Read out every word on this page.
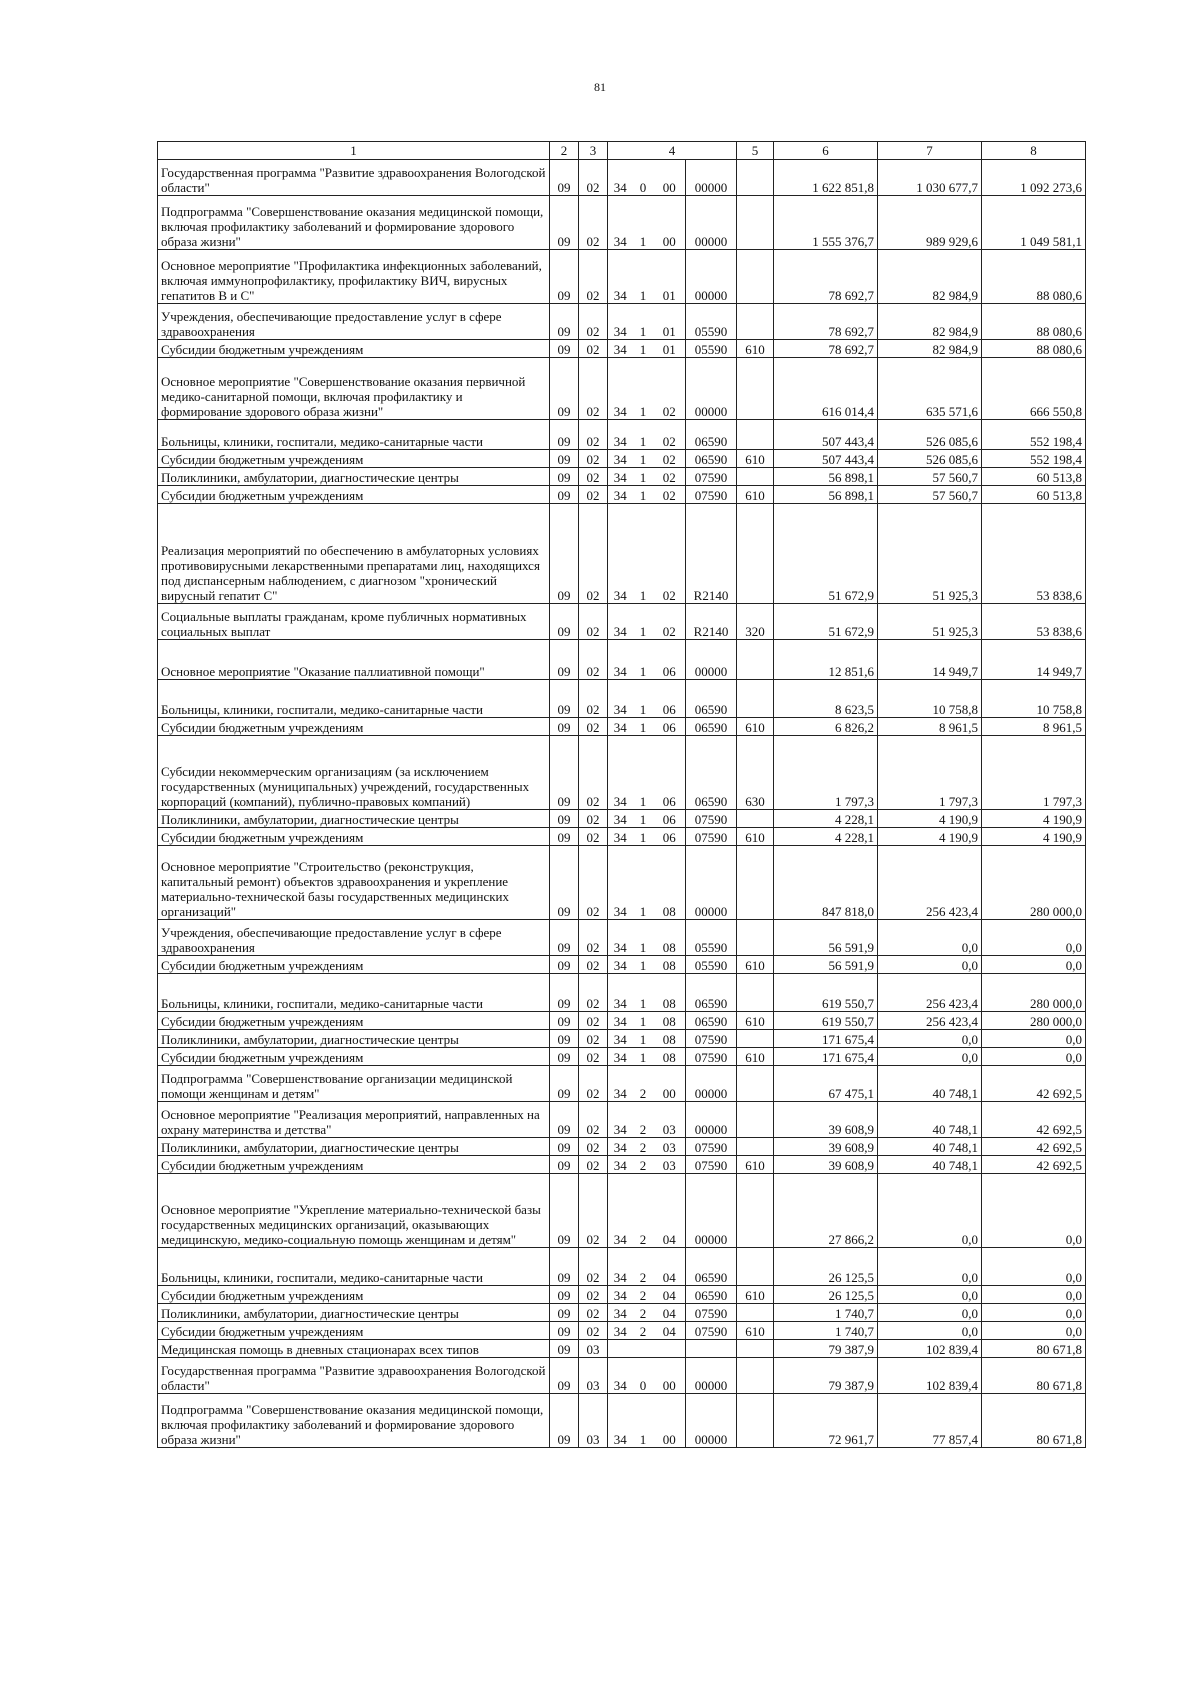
81
1	2	3	4				5	6	7	8
Государственная программа "Развитие здравоохранения Вологодской области"	09	02	34	0	00	00000		1 622 851,8	1 030 677,7	1 092 273,6
Подпрограмма "Совершенствование оказания медицинской помощи, включая профилактику заболеваний и формирование здорового образа жизни"	09	02	34	1	00	00000		1 555 376,7	989 929,6	1 049 581,1
Основное мероприятие "Профилактика инфекционных заболеваний, включая иммунопрофилактику, профилактику ВИЧ, вирусных гепатитов В и С"	09	02	34	1	01	00000		78 692,7	82 984,9	88 080,6
Учреждения, обеспечивающие предоставление услуг в сфере здравоохранения	09	02	34	1	01	05590		78 692,7	82 984,9	88 080,6
Субсидии бюджетным учреждениям	09	02	34	1	01	05590	610	78 692,7	82 984,9	88 080,6
Основное мероприятие "Совершенствование оказания первичной медико-санитарной помощи, включая профилактику и формирование здорового образа жизни"	09	02	34	1	02	00000		616 014,4	635 571,6	666 550,8
Больницы, клиники, госпитали, медико-санитарные части	09	02	34	1	02	06590		507 443,4	526 085,6	552 198,4
Субсидии бюджетным учреждениям	09	02	34	1	02	06590	610	507 443,4	526 085,6	552 198,4
Поликлиники, амбулатории, диагностические центры	09	02	34	1	02	07590		56 898,1	57 560,7	60 513,8
Субсидии бюджетным учреждениям	09	02	34	1	02	07590	610	56 898,1	57 560,7	60 513,8
Реализация мероприятий по обеспечению в амбулаторных условиях противовирусными лекарственными препаратами лиц, находящихся под диспансерным наблюдением, с диагнозом "хронический вирусный гепатит С"	09	02	34	1	02	R2140		51 672,9	51 925,3	53 838,6
Социальные выплаты гражданам, кроме публичных нормативных социальных выплат	09	02	34	1	02	R2140	320	51 672,9	51 925,3	53 838,6
Основное мероприятие "Оказание паллиативной помощи"	09	02	34	1	06	00000		12 851,6	14 949,7	14 949,7
Больницы, клиники, госпитали, медико-санитарные части	09	02	34	1	06	06590		8 623,5	10 758,8	10 758,8
Субсидии бюджетным учреждениям	09	02	34	1	06	06590	610	6 826,2	8 961,5	8 961,5
Субсидии некоммерческим организациям (за исключением государственных (муниципальных) учреждений, государственных корпораций (компаний), публично-правовых компаний)	09	02	34	1	06	06590	630	1 797,3	1 797,3	1 797,3
Поликлиники, амбулатории, диагностические центры	09	02	34	1	06	07590		4 228,1	4 190,9	4 190,9
Субсидии бюджетным учреждениям	09	02	34	1	06	07590	610	4 228,1	4 190,9	4 190,9
Основное мероприятие "Строительство (реконструкция, капитальный ремонт) объектов здравоохранения и укрепление материально-технической базы государственных медицинских организаций"	09	02	34	1	08	00000		847 818,0	256 423,4	280 000,0
Учреждения, обеспечивающие предоставление услуг в сфере здравоохранения	09	02	34	1	08	05590		56 591,9	0,0	0,0
Субсидии бюджетным учреждениям	09	02	34	1	08	05590	610	56 591,9	0,0	0,0
Больницы, клиники, госпитали, медико-санитарные части	09	02	34	1	08	06590		619 550,7	256 423,4	280 000,0
Субсидии бюджетным учреждениям	09	02	34	1	08	06590	610	619 550,7	256 423,4	280 000,0
Поликлиники, амбулатории, диагностические центры	09	02	34	1	08	07590		171 675,4	0,0	0,0
Субсидии бюджетным учреждениям	09	02	34	1	08	07590	610	171 675,4	0,0	0,0
Подпрограмма "Совершенствование организации медицинской помощи женщинам и детям"	09	02	34	2	00	00000		67 475,1	40 748,1	42 692,5
Основное мероприятие "Реализация мероприятий, направленных на охрану материнства и детства"	09	02	34	2	03	00000		39 608,9	40 748,1	42 692,5
Поликлиники, амбулатории, диагностические центры	09	02	34	2	03	07590		39 608,9	40 748,1	42 692,5
Субсидии бюджетным учреждениям	09	02	34	2	03	07590	610	39 608,9	40 748,1	42 692,5
Основное мероприятие "Укрепление материально-технической базы государственных медицинских организаций, оказывающих медицинскую, медико-социальную помощь женщинам и детям"	09	02	34	2	04	00000		27 866,2	0,0	0,0
Больницы, клиники, госпитали, медико-санитарные части	09	02	34	2	04	06590		26 125,5	0,0	0,0
Субсидии бюджетным учреждениям	09	02	34	2	04	06590	610	26 125,5	0,0	0,0
Поликлиники, амбулатории, диагностические центры	09	02	34	2	04	07590		1 740,7	0,0	0,0
Субсидии бюджетным учреждениям	09	02	34	2	04	07590	610	1 740,7	0,0	0,0
Медицинская помощь в дневных стационарах всех типов	09	03						79 387,9	102 839,4	80 671,8
Государственная программа "Развитие здравоохранения Вологодской области"	09	03	34	0	00	00000		79 387,9	102 839,4	80 671,8
Подпрограмма "Совершенствование оказания медицинской помощи, включая профилактику заболеваний и формирование здорового образа жизни"	09	03	34	1	00	00000		72 961,7	77 857,4	80 671,8
